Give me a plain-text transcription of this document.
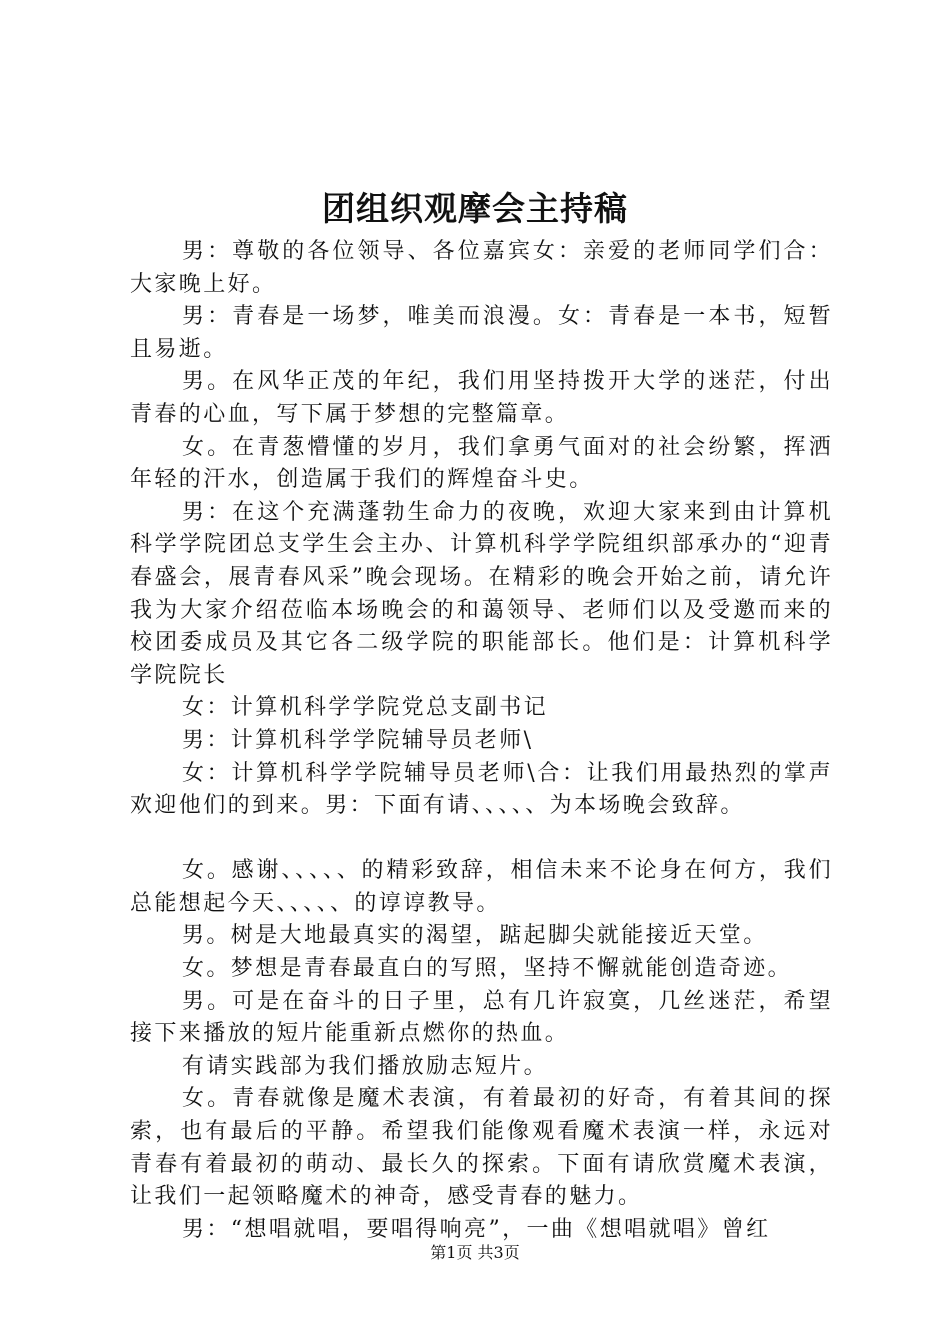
团组织观摩会主持稿

男：尊敬的各位领导、各位嘉宾女：亲爱的老师同学们合：大家晚上好。

男：青春是一场梦，唯美而浪漫。女：青春是一本书，短暂且易逝。

男。在风华正茂的年纪，我们用坚持拨开大学的迷茫，付出青春的心血，写下属于梦想的完整篇章。

女。在青葱懵懂的岁月，我们拿勇气面对的社会纷繁，挥洒年轻的汗水，创造属于我们的辉煌奋斗史。

男：在这个充满蓬勃生命力的夜晚，欢迎大家来到由计算机科学学院团总支学生会主办、计算机科学学院组织部承办的“迎青春盛会，展青春风采”晚会现场。在精彩的晚会开始之前，请允许我为大家介绍莅临本场晚会的和蔼领导、老师们以及受邀而来的校团委成员及其它各二级学院的职能部长。他们是：计算机科学学院院长

女：计算机科学学院党总支副书记

男：计算机科学学院辅导员老师\

女：计算机科学学院辅导员老师\合：让我们用最热烈的掌声欢迎他们的到来。男：下面有请、、、、、为本场晚会致辞。

女。感谢、、、、、的精彩致辞，相信未来不论身在何方，我们总能想起今天、、、、、的谆谆教导。

男。树是大地最真实的渴望，踮起脚尖就能接近天堂。

女。梦想是青春最直白的写照，坚持不懈就能创造奇迹。

男。可是在奋斗的日子里，总有几许寂寞，几丝迷茫，希望接下来播放的短片能重新点燃你的热血。

有请实践部为我们播放励志短片。

女。青春就像是魔术表演，有着最初的好奇，有着其间的探索，也有最后的平静。希望我们能像观看魔术表演一样，永远对青春有着最初的萌动、最长久的探索。下面有请欣赏魔术表演，让我们一起领略魔术的神奇，感受青春的魅力。

男：“想唱就唱，要唱得响亮”，一曲《想唱就唱》曾红

第1页 共3页
